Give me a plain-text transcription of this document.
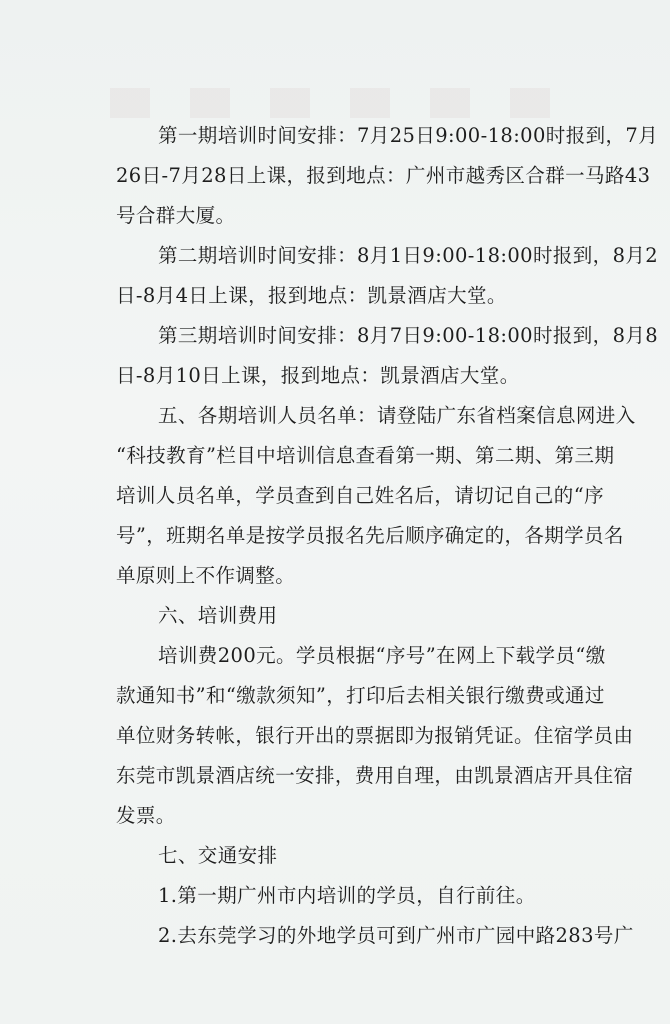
第一期培训时间安排：7月25日9:00-18:00时报到，7月
26日-7月28日上课，报到地点：广州市越秀区合群一马路43
号合群大厦。
第二期培训时间安排：8月1日9:00-18:00时报到，8月2
日-8月4日上课，报到地点：凯景酒店大堂。
第三期培训时间安排：8月7日9:00-18:00时报到，8月8
日-8月10日上课，报到地点：凯景酒店大堂。
五、各期培训人员名单：请登陆广东省档案信息网进入
“科技教育”栏目中培训信息查看第一期、第二期、第三期
培训人员名单，学员查到自己姓名后，请切记自己的“序
号”，班期名单是按学员报名先后顺序确定的，各期学员名
单原则上不作调整。
六、培训费用
培训费200元。学员根据“序号”在网上下载学员“缴
款通知书”和“缴款须知”，打印后去相关银行缴费或通过
单位财务转帐，银行开出的票据即为报销凭证。住宿学员由
东莞市凯景酒店统一安排，费用自理，由凯景酒店开具住宿
发票。
七、交通安排
1.第一期广州市内培训的学员，自行前往。
2.去东莞学习的外地学员可到广州市广园中路283号广
